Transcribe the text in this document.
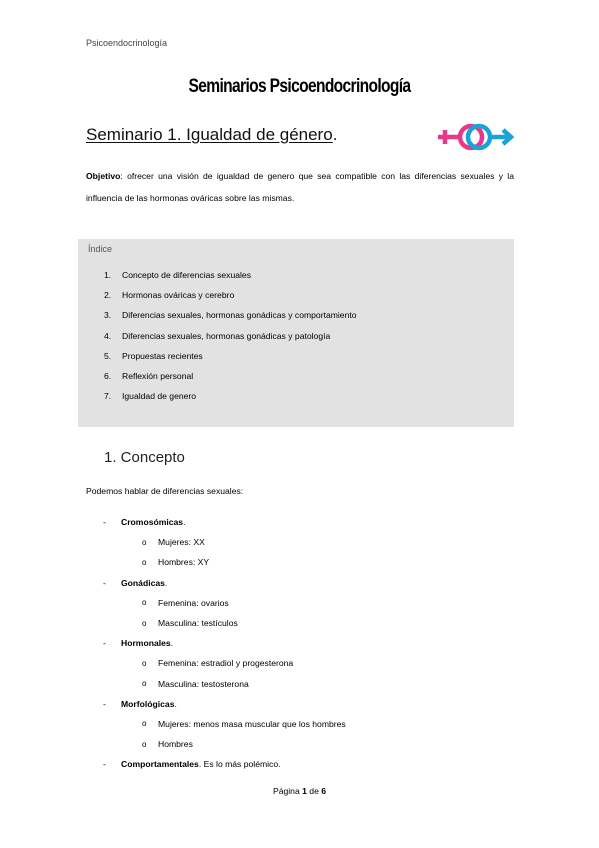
Psicoendocrinología
Seminarios Psicoendocrinología
Seminario 1. Igualdad de género.
Objetivo: ofrecer una visión de igualdad de genero que sea compatible con las diferencias sexuales y la influencia de las hormonas ováricas sobre las mismas.
Índice
1.	Concepto de diferencias sexuales
2.	Hormonas ováricas y cerebro
3.	Diferencias sexuales, hormonas gonádicas y comportamiento
4.	Diferencias sexuales, hormonas gonádicas y patología
5.	Propuestas recientes
6.	Reflexión personal
7.	Igualdad de genero
1. Concepto
Podemos hablar de diferencias sexuales:
-	Cromosómicas .
o	Mujeres: XX
o	Hombres: XY
-	Gonádicas .
o	Femenina: ovarios
o	Masculina: testículos
-	Hormonales .
o	Femenina: estradiol y progesterona
o	Masculina: testosterona
-	Morfológicas .
o	Mujeres: menos masa muscular que los hombres
o	Hombres
-	Comportamentales . Es lo más polémico.
Página 1 de 6
